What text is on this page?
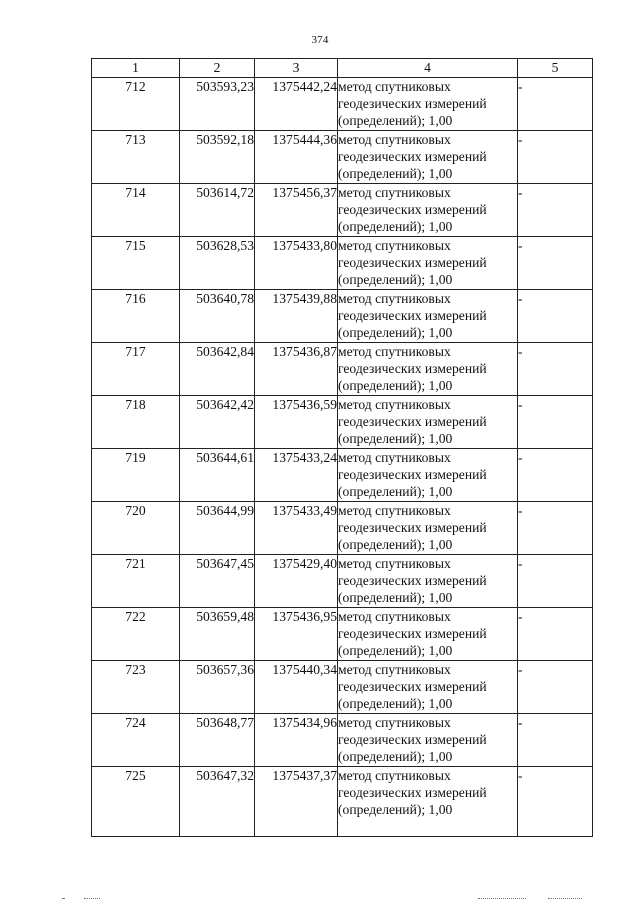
374
1	2	3	4	5
712	503593,23	1375442,24	метод спутниковых
геодезических измерений
(определений); 1,00	-
713	503592,18	1375444,36	метод спутниковых
геодезических измерений
(определений); 1,00	-
714	503614,72	1375456,37	метод спутниковых
геодезических измерений
(определений); 1,00	-
715	503628,53	1375433,80	метод спутниковых
геодезических измерений
(определений); 1,00	-
716	503640,78	1375439,88	метод спутниковых
геодезических измерений
(определений); 1,00	-
717	503642,84	1375436,87	метод спутниковых
геодезических измерений
(определений); 1,00	-
718	503642,42	1375436,59	метод спутниковых
геодезических измерений
(определений); 1,00	-
719	503644,61	1375433,24	метод спутниковых
геодезических измерений
(определений); 1,00	-
720	503644,99	1375433,49	метод спутниковых
геодезических измерений
(определений); 1,00	-
721	503647,45	1375429,40	метод спутниковых
геодезических измерений
(определений); 1,00	-
722	503659,48	1375436,95	метод спутниковых
геодезических измерений
(определений); 1,00	-
723	503657,36	1375440,34	метод спутниковых
геодезических измерений
(определений); 1,00	-
724	503648,77	1375434,96	метод спутниковых
геодезических измерений
(определений); 1,00	-
725	503647,32	1375437,37	метод спутниковых
геодезических измерений
(определений); 1,00	-
